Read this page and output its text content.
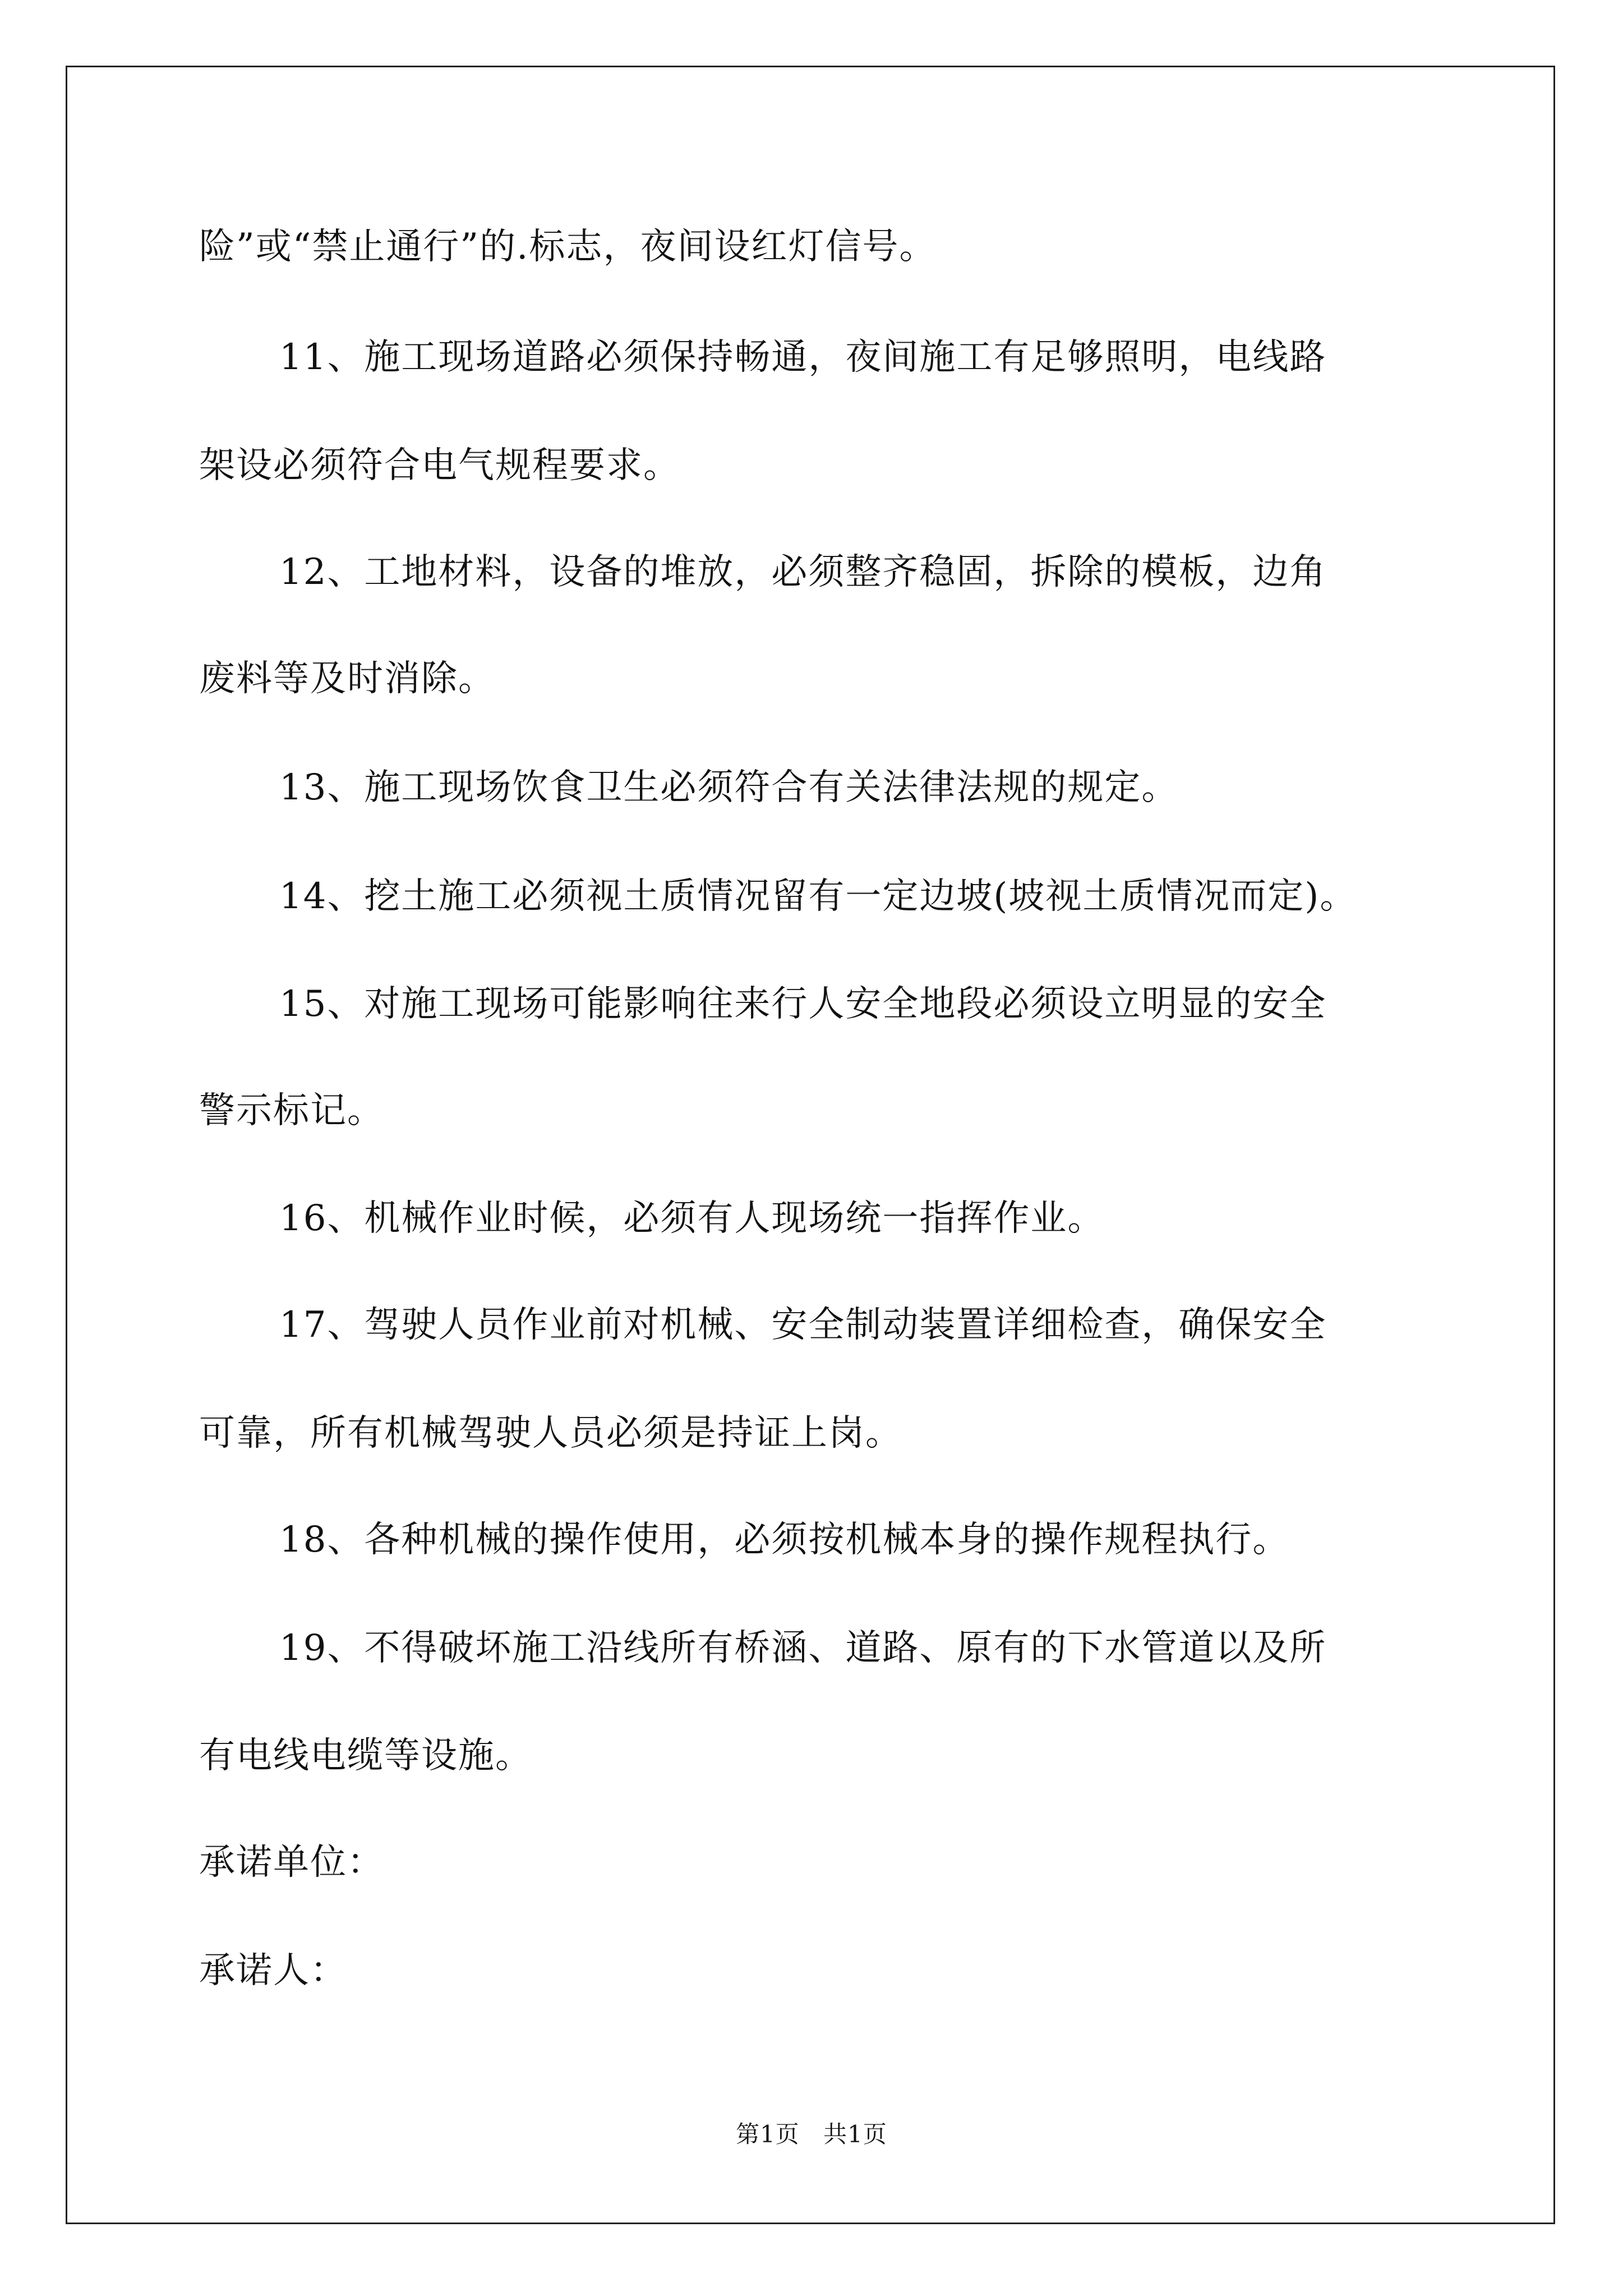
险”或“禁止通行”的.标志，夜间设红灯信号。
11、施工现场道路必须保持畅通，夜间施工有足够照明，电线路
架设必须符合电气规程要求。
12、工地材料，设备的堆放，必须整齐稳固，拆除的模板，边角
废料等及时消除。
13、施工现场饮食卫生必须符合有关法律法规的规定。
14、挖土施工必须视土质情况留有一定边坡(坡视土质情况而定)。
15、对施工现场可能影响往来行人安全地段必须设立明显的安全
警示标记。
16、机械作业时候，必须有人现场统一指挥作业。
17、驾驶人员作业前对机械、安全制动装置详细检查，确保安全
可靠，所有机械驾驶人员必须是持证上岗。
18、各种机械的操作使用，必须按机械本身的操作规程执行。
19、不得破坏施工沿线所有桥涵、道路、原有的下水管道以及所
有电线电缆等设施。
承诺单位：
承诺人：
第1页 共1页
